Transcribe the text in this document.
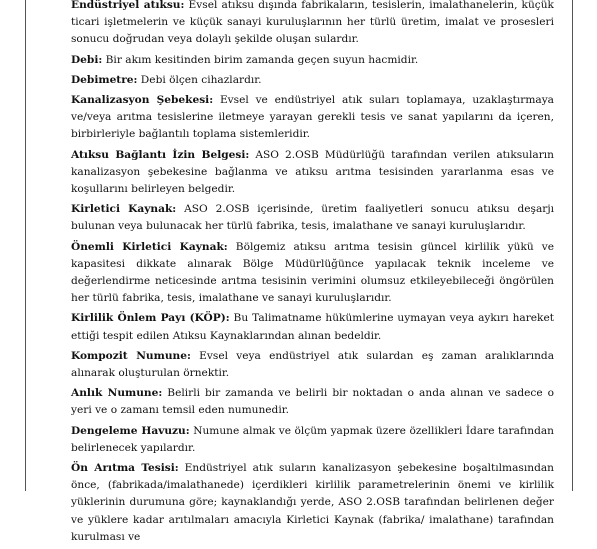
Endüstriyel atıksu: Evsel atıksu dışında fabrikaların, tesislerin, imalathanelerin, küçük ticari işletmelerin ve küçük sanayi kuruluşlarının her türlü üretim, imalat ve prosesleri sonucu doğrudan veya dolaylı şekilde oluşan sulardır.

Debi: Bir akım kesitinden birim zamanda geçen suyun hacmidir.

Debimetre: Debi ölçen cihazlardır.

Kanalizasyon Şebekesi: Evsel ve endüstriyel atık suları toplamaya, uzaklaştırmaya ve/veya arıtma tesislerine iletmeye yarayan gerekli tesis ve sanat yapılarını da içeren, birbirleriyle bağlantılı toplama sistemleridir.

Atıksu Bağlantı İzin Belgesi: ASO 2.OSB Müdürlüğü tarafından verilen atıksuların kanalizasyon şebekesine bağlanma ve atıksu arıtma tesisinden yararlanma esas ve koşullarını belirleyen belgedir.

Kirletici Kaynak: ASO 2.OSB içerisinde, üretim faaliyetleri sonucu atıksu deşarjı bulunan veya bulunacak her türlü fabrika, tesis, imalathane ve sanayi kuruluşlarıdır.

Önemli Kirletici Kaynak: Bölgemiz atıksu arıtma tesisin güncel kirlilik yükü ve kapasitesi dikkate alınarak Bölge Müdürlüğünce yapılacak teknik inceleme ve değerlendirme neticesinde arıtma tesisinin verimini olumsuz etkileyebileceği öngörülen her türlü fabrika, tesis, imalathane ve sanayi kuruluşlarıdır.

Kirlilik Önlem Payı (KÖP): Bu Talimatname hükümlerine uymayan veya aykırı hareket ettiği tespit edilen Atıksu Kaynaklarından alınan bedeldir.

Kompozit Numune: Evsel veya endüstriyel atık sulardan eş zaman aralıklarında alınarak oluşturulan örnektir.

Anlık Numune: Belirli bir zamanda ve belirli bir noktadan o anda alınan ve sadece o yeri ve o zamanı temsil eden numunedir.

Dengeleme Havuzu: Numune almak ve ölçüm yapmak üzere özellikleri İdare tarafından belirlenecek yapılardır.

Ön Arıtma Tesisi: Endüstriyel atık suların kanalizasyon şebekesine boşaltılmasından önce, (fabrikada/imalathanede) içerdikleri kirlilik parametrelerinin önemi ve kirlilik yüklerinin durumuna göre; kaynaklandığı yerde, ASO 2.OSB tarafından belirlenen değer ve yüklere kadar arıtılmaları amacıyla Kirletici Kaynak (fabrika/ imalathane) tarafından kurulması ve
